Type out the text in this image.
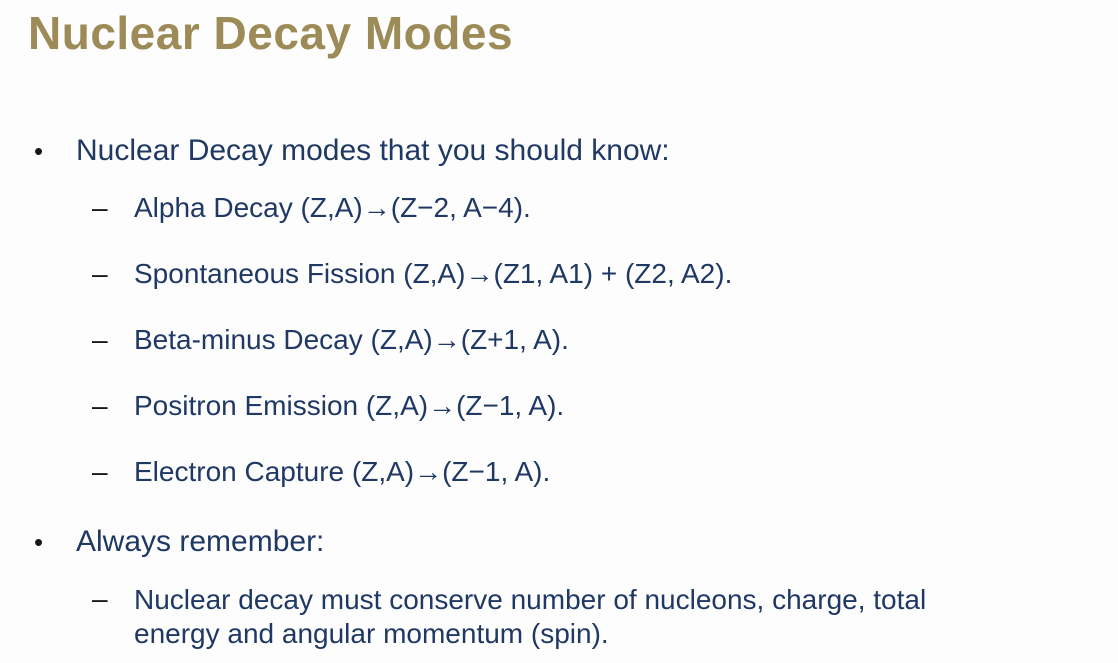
Nuclear Decay Modes
•	Nuclear Decay modes that you should know:
– Alpha Decay (Z,A)→(Z−2, A−4).
– Spontaneous Fission (Z,A)→(Z1, A1) + (Z2, A2).
– Beta-minus Decay (Z,A)→(Z+1, A).
– Positron Emission (Z,A)→(Z−1, A).
– Electron Capture (Z,A)→(Z−1, A).
•	Always remember:
– Nuclear decay must conserve number of nucleons, charge, total energy and angular momentum (spin).
